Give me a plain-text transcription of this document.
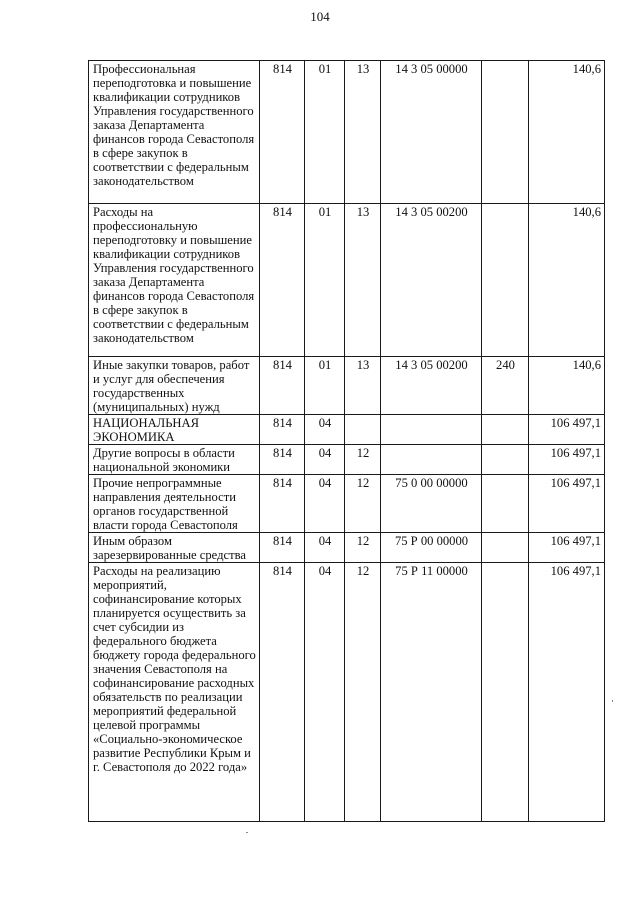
104
Профессиональная переподготовка и повышение квалификации сотрудников Управления государственного заказа Департамента финансов города Севастополя в сфере закупок в соответствии с федеральным законодательством	814	01	13	14 3 05 00000		140,6
Расходы на профессиональную переподготовку и повышение квалификации сотрудников Управления государственного заказа Департамента финансов города Севастополя в сфере закупок в соответствии с федеральным законодательством	814	01	13	14 3 05 00200		140,6
Иные закупки товаров, работ и услуг для обеспечения государственных (муниципальных) нужд	814	01	13	14 3 05 00200	240	140,6
НАЦИОНАЛЬНАЯ ЭКОНОМИКА	814	04				106 497,1
Другие вопросы в области национальной экономики	814	04	12			106 497,1
Прочие непрограммные направления деятельности органов государственной власти города Севастополя	814	04	12	75 0 00 00000		106 497,1
Иным образом зарезервированные средства	814	04	12	75 Р 00 00000		106 497,1
Расходы на реализацию мероприятий, софинансирование которых планируется осуществить за счет субсидии из федерального бюджета бюджету города федерального значения Севастополя на софинансирование расходных обязательств по реализации мероприятий федеральной целевой программы «Социально-экономическое развитие Республики Крым и г. Севастополя до 2022 года»	814	04	12	75 Р 11 00000		106 497,1
